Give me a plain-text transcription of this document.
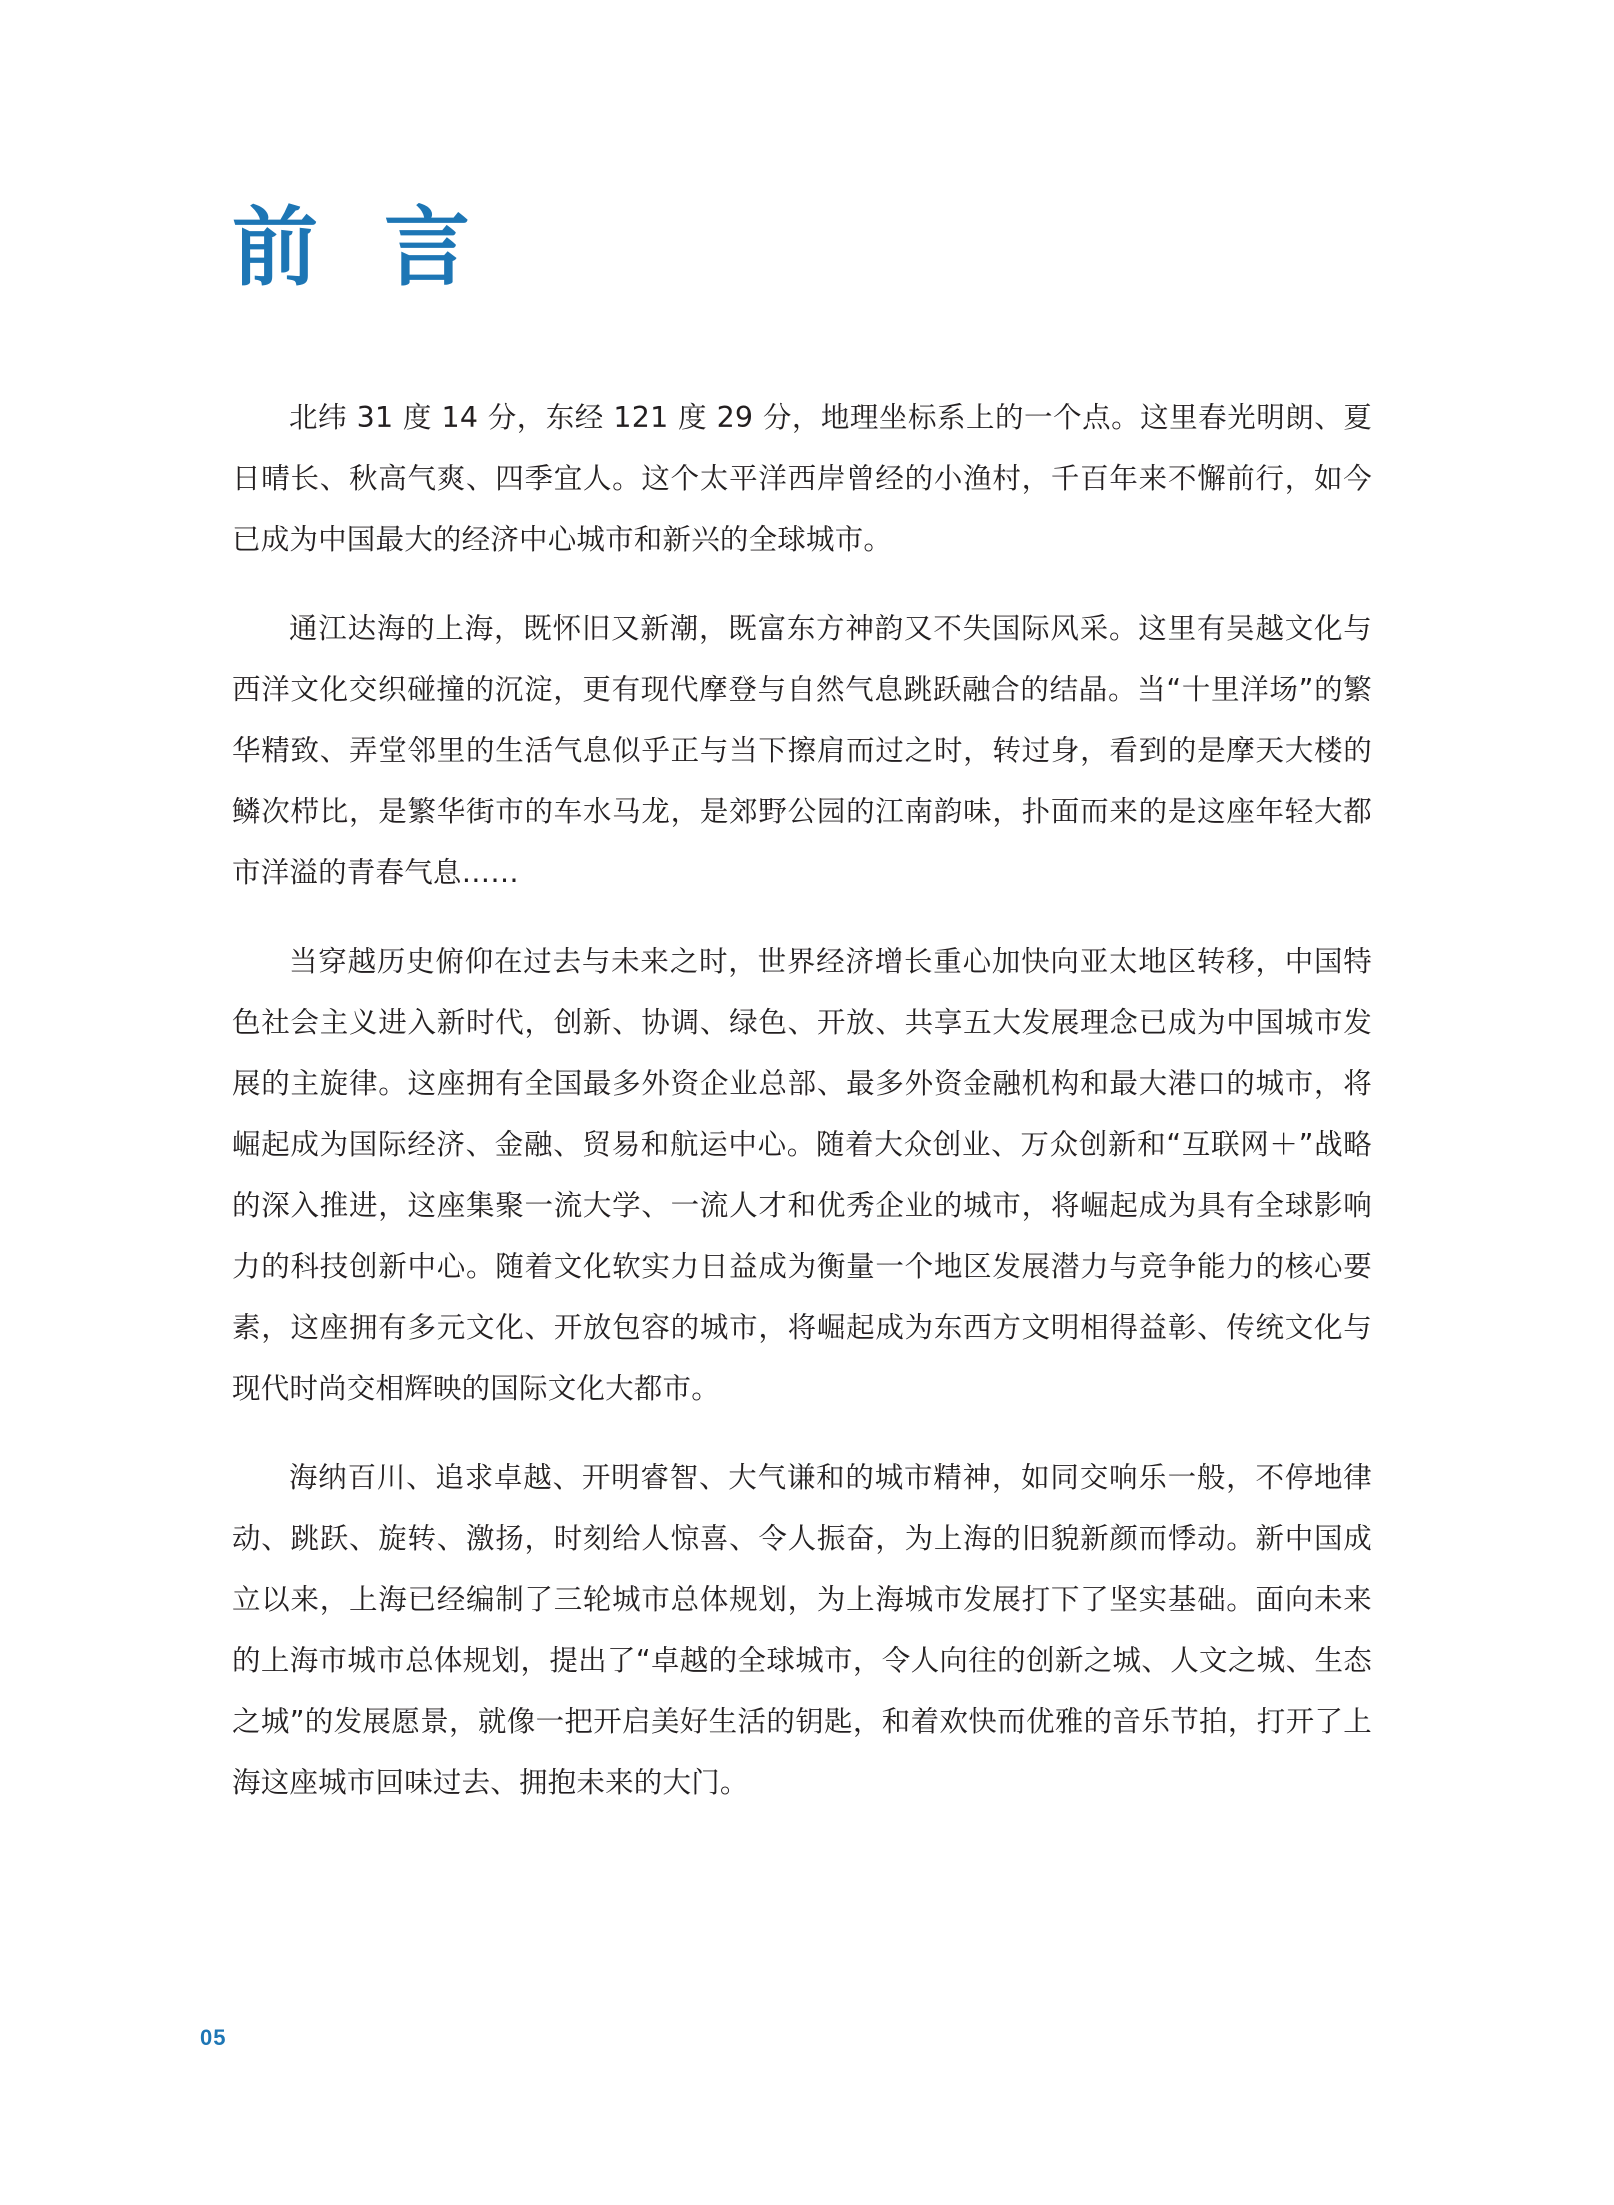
前 言

北纬 31 度 14 分，东经 121 度 29 分，地理坐标系上的一个点。这里春光明朗、夏日晴长、秋高气爽、四季宜人。这个太平洋西岸曾经的小渔村，千百年来不懈前行，如今已成为中国最大的经济中心城市和新兴的全球城市。

通江达海的上海，既怀旧又新潮，既富东方神韵又不失国际风采。这里有吴越文化与西洋文化交织碰撞的沉淀，更有现代摩登与自然气息跳跃融合的结晶。当“十里洋场”的繁华精致、弄堂邻里的生活气息似乎正与当下擦肩而过之时，转过身，看到的是摩天大楼的鳞次栉比，是繁华街市的车水马龙，是郊野公园的江南韵味，扑面而来的是这座年轻大都市洋溢的青春气息……

当穿越历史俯仰在过去与未来之时，世界经济增长重心加快向亚太地区转移，中国特色社会主义进入新时代，创新、协调、绿色、开放、共享五大发展理念已成为中国城市发展的主旋律。这座拥有全国最多外资企业总部、最多外资金融机构和最大港口的城市，将崛起成为国际经济、金融、贸易和航运中心。随着大众创业、万众创新和“互联网＋”战略的深入推进，这座集聚一流大学、一流人才和优秀企业的城市，将崛起成为具有全球影响力的科技创新中心。随着文化软实力日益成为衡量一个地区发展潜力与竞争能力的核心要素，这座拥有多元文化、开放包容的城市，将崛起成为东西方文明相得益彰、传统文化与现代时尚交相辉映的国际文化大都市。

海纳百川、追求卓越、开明睿智、大气谦和的城市精神，如同交响乐一般，不停地律动、跳跃、旋转、激扬，时刻给人惊喜、令人振奋，为上海的旧貌新颜而悸动。新中国成立以来，上海已经编制了三轮城市总体规划，为上海城市发展打下了坚实基础。面向未来的上海市城市总体规划，提出了“卓越的全球城市，令人向往的创新之城、人文之城、生态之城”的发展愿景，就像一把开启美好生活的钥匙，和着欢快而优雅的音乐节拍，打开了上海这座城市回味过去、拥抱未来的大门。

05
